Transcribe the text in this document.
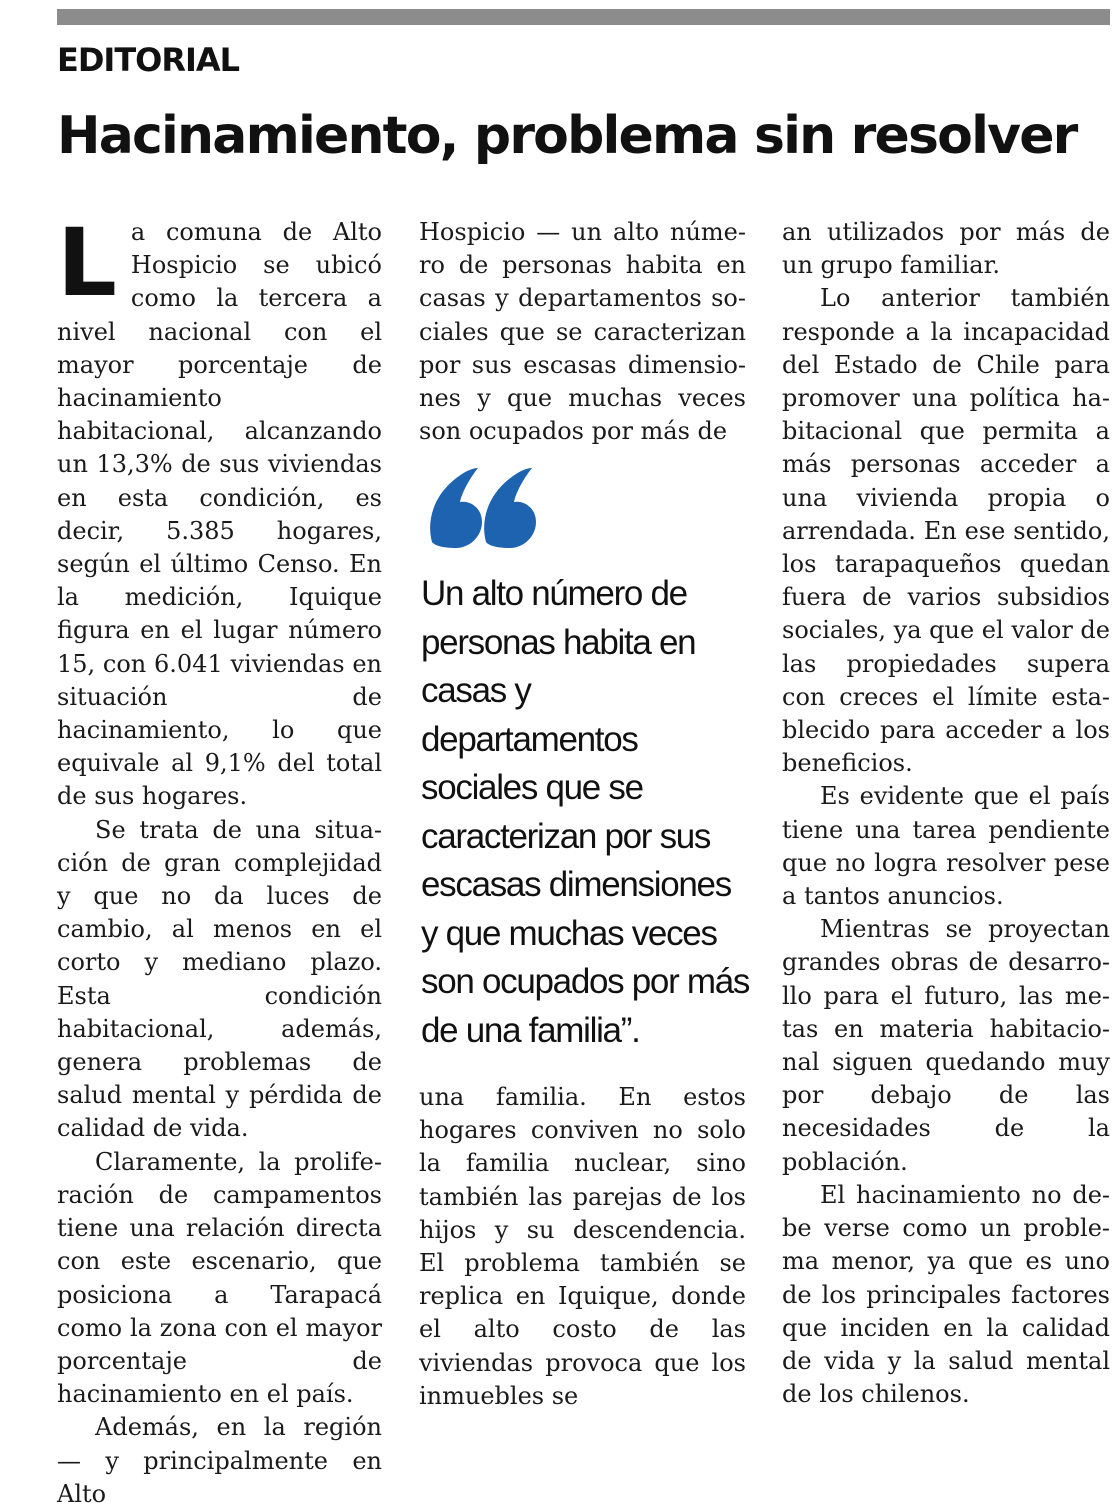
EDITORIAL
Hacinamiento, problema sin resolver

La comuna de Alto Hospicio se ubicó como la tercera a nivel nacional con el mayor porcentaje de hacinamiento habitacional, alcanzando un 13,3% de sus viviendas en esta condición, es decir, 5.385 hogares, según el último Censo. En la medición, Iquique figura en el lugar número 15, con 6.041 viviendas en situación de hacinamiento, lo que equivale al 9,1% del total de sus hogares.

Se trata de una situación de gran complejidad y que no da luces de cambio, al menos en el corto y mediano plazo. Esta condición habitacional, además, genera problemas de salud mental y pérdida de calidad de vida.

Claramente, la proliferación de campamentos tiene una relación directa con este escenario, que posiciona a Tarapacá como la zona con el mayor porcentaje de hacinamiento en el país.

Además, en la región — y principalmente en Alto

Hospicio — un alto número de personas habita en casas y departamentos sociales que se caracterizan por sus escasas dimensiones y que muchas veces son ocupados por más de

Un alto número de personas habita en casas y departamentos sociales que se caracterizan por sus escasas dimensiones y que muchas veces son ocupados por más de una familia”.

una familia. En estos hogares conviven no solo la familia nuclear, sino también las parejas de los hijos y su descendencia. El problema también se replica en Iquique, donde el alto costo de las viviendas provoca que los inmuebles se

an utilizados por más de un grupo familiar.

Lo anterior también responde a la incapacidad del Estado de Chile para promover una política habitacional que permita a más personas acceder a una vivienda propia o arrendada. En ese sentido, los tarapaqueños quedan fuera de varios subsidios sociales, ya que el valor de las propiedades supera con creces el límite establecido para acceder a los beneficios.

Es evidente que el país tiene una tarea pendiente que no logra resolver pese a tantos anuncios.

Mientras se proyectan grandes obras de desarrollo para el futuro, las metas en materia habitacional siguen quedando muy por debajo de las necesidades de la población.

El hacinamiento no debe verse como un problema menor, ya que es uno de los principales factores que inciden en la calidad de vida y la salud mental de los chilenos.
